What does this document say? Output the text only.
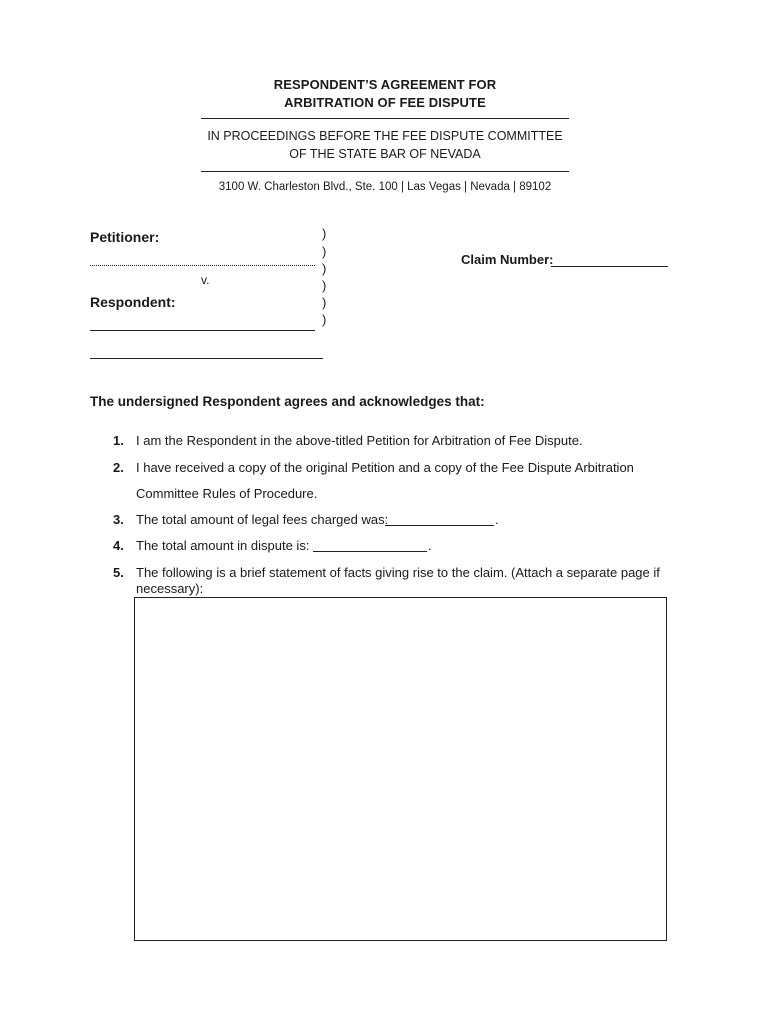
RESPONDENT’S AGREEMENT FOR
ARBITRATION OF FEE DISPUTE
IN PROCEEDINGS BEFORE THE FEE DISPUTE COMMITTEE
OF THE STATE BAR OF NEVADA
3100 W. Charleston Blvd., Ste. 100 | Las Vegas | Nevada | 89102
Petitioner:
v.
Respondent:
)
)
)
)
)
)
Claim Number:
The undersigned Respondent agrees and acknowledges that:
1. I am the Respondent in the above-titled Petition for Arbitration of Fee Dispute.
2. I have received a copy of the original Petition and a copy of the Fee Dispute Arbitration
Committee Rules of Procedure.
3. The total amount of legal fees charged was:	.
4. The total amount in dispute is:	.
5. The following is a brief statement of facts giving rise to the claim. (Attach a separate page if
necessary):
